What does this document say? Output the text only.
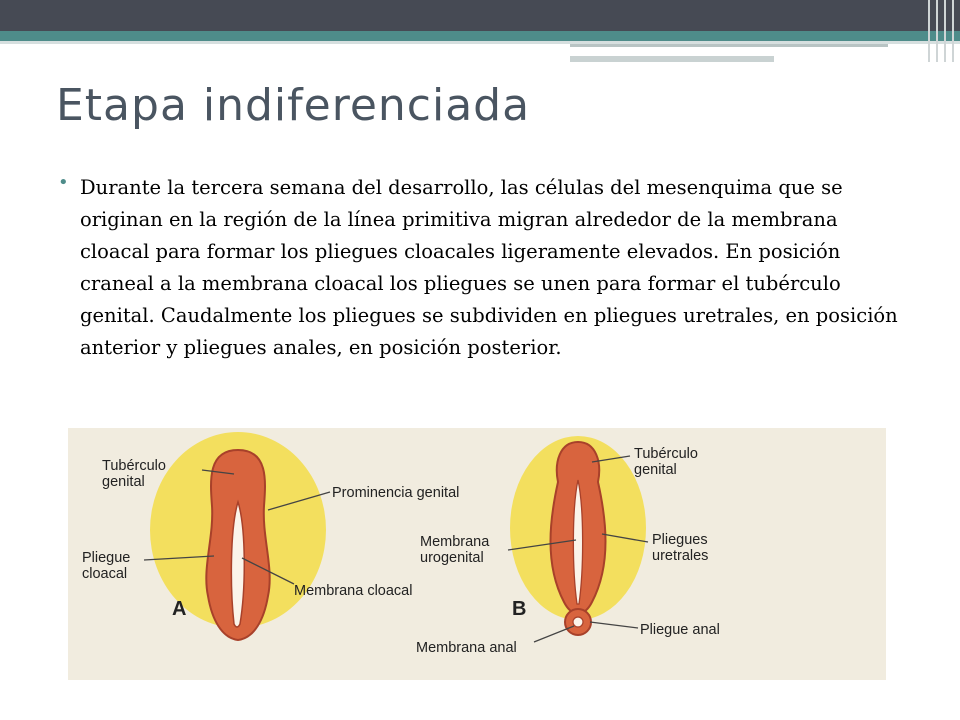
Etapa indiferenciada
• Durante la tercera semana del desarrollo, las células del mesenquima que se originan en la región de la línea primitiva migran alrededor de la membrana cloacal para formar los pliegues cloacales ligeramente elevados. En posición craneal a la membrana cloacal los pliegues se unen para formar el tubérculo genital. Caudalmente los pliegues se subdividen en pliegues uretrales, en posición anterior y pliegues anales, en posición posterior.

Tubérculo
genital
Prominencia genital
Pliegue
cloacal
Membrana cloacal
A
Tubérculo
genital
Membrana
urogenital
Pliegues
uretrales
Pliegue anal
Membrana anal
B
